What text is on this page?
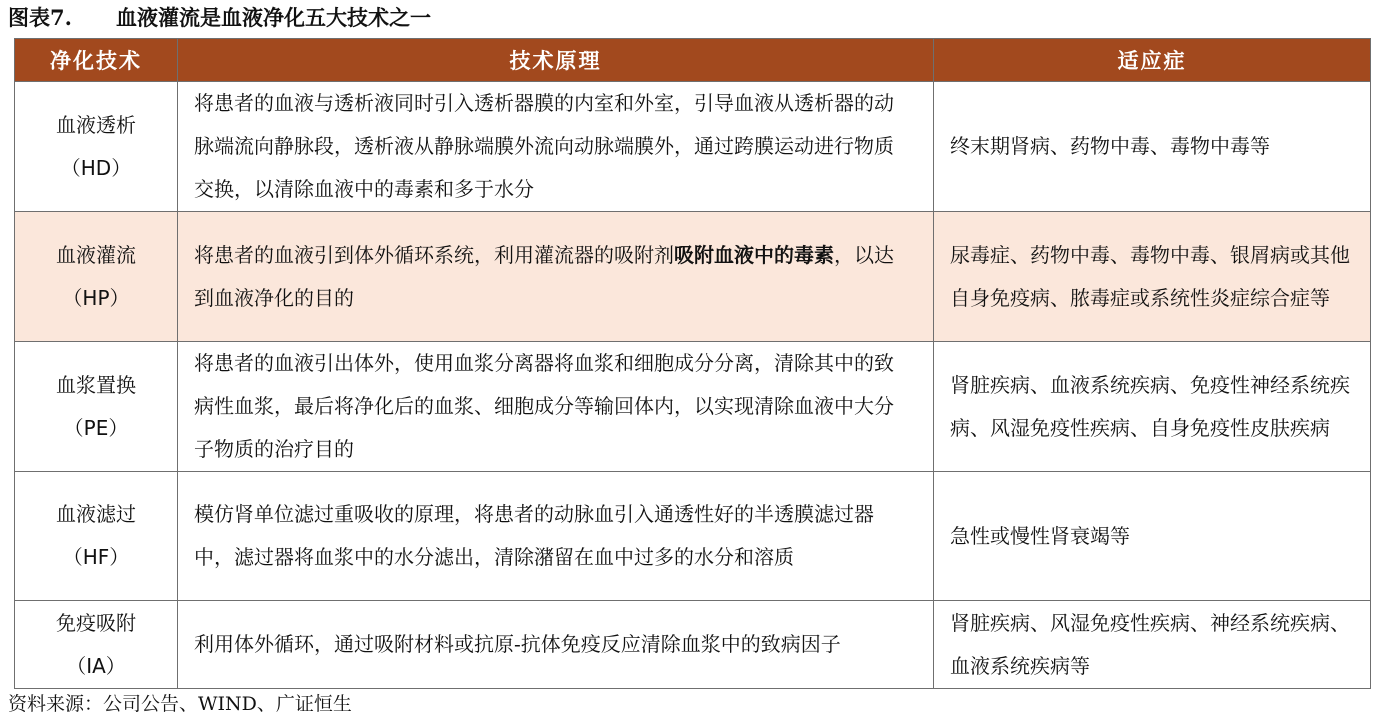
图表7. 血液灌流是血液净化五大技术之一
净化技术	技术原理	适应症

血液透析
（HD）	将患者的血液与透析液同时引入透析器膜的内室和外室，引导血液从透析器的动脉端流向静脉段，透析液从静脉端膜外流向动脉端膜外，通过跨膜运动进行物质交换，以清除血液中的毒素和多于水分	终末期肾病、药物中毒、毒物中毒等

血液灌流
（HP）	将患者的血液引到体外循环系统，利用灌流器的吸附剂吸附血液中的毒素，以达到血液净化的目的	尿毒症、药物中毒、毒物中毒、银屑病或其他自身免疫病、脓毒症或系统性炎症综合症等

血浆置换
（PE）	将患者的血液引出体外，使用血浆分离器将血浆和细胞成分分离，清除其中的致病性血浆，最后将净化后的血浆、细胞成分等输回体内，以实现清除血液中大分子物质的治疗目的	肾脏疾病、血液系统疾病、免疫性神经系统疾病、风湿免疫性疾病、自身免疫性皮肤疾病

血液滤过
（HF）	模仿肾单位滤过重吸收的原理，将患者的动脉血引入通透性好的半透膜滤过器中，滤过器将血浆中的水分滤出，清除潴留在血中过多的水分和溶质	急性或慢性肾衰竭等

免疫吸附
（IA）	利用体外循环，通过吸附材料或抗原-抗体免疫反应清除血浆中的致病因子	肾脏疾病、风湿免疫性疾病、神经系统疾病、血液系统疾病等
资料来源：公司公告、WIND、广证恒生
